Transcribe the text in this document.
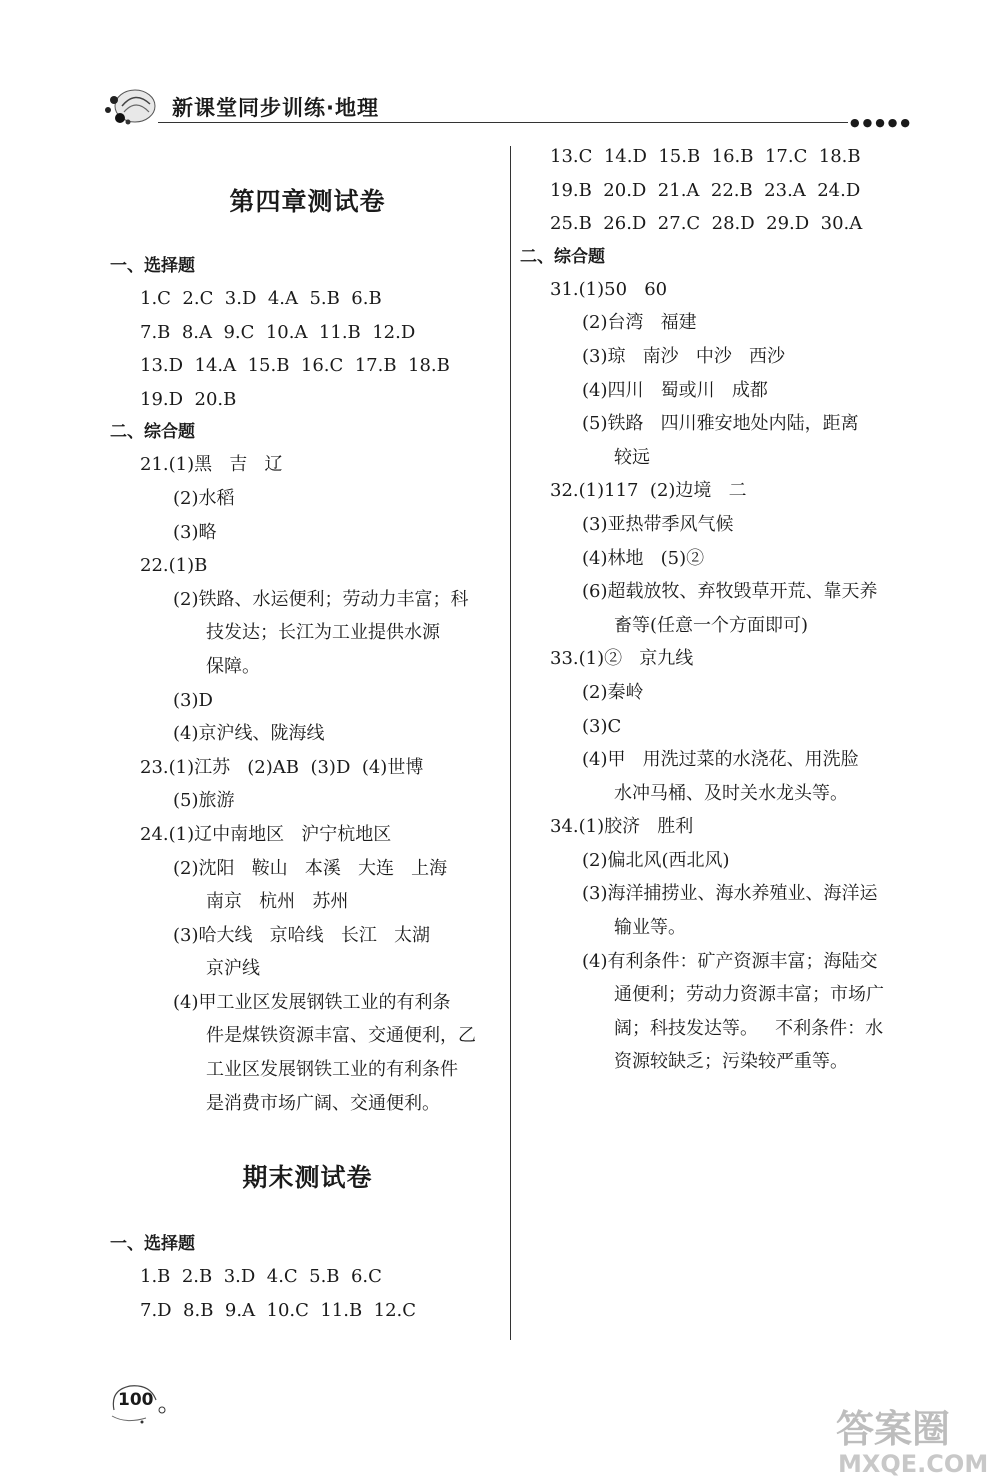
新课堂同步训练·地理
●●●●●
第四章测试卷
一、选择题
1.C  2.C  3.D  4.A  5.B  6.B
7.B  8.A  9.C  10.A  11.B  12.D
13.D  14.A  15.B  16.C  17.B  18.B
19.D  20.B
二、综合题
21.(1)黑   吉   辽
(2)水稻
(3)略
22.(1)B
(2)铁路、水运便利；劳动力丰富；科
技发达；长江为工业提供水源
保障。
(3)D
(4)京沪线、陇海线
23.(1)江苏   (2)AB  (3)D  (4)世博
(5)旅游
24.(1)辽中南地区   沪宁杭地区
(2)沈阳   鞍山   本溪   大连   上海
南京   杭州   苏州
(3)哈大线   京哈线   长江   太湖
京沪线
(4)甲工业区发展钢铁工业的有利条
件是煤铁资源丰富、交通便利，乙
工业区发展钢铁工业的有利条件
是消费市场广阔、交通便利。
期末测试卷
一、选择题
1.B  2.B  3.D  4.C  5.B  6.C
7.D  8.B  9.A  10.C  11.B  12.C
13.C  14.D  15.B  16.B  17.C  18.B
19.B  20.D  21.A  22.B  23.A  24.D
25.B  26.D  27.C  28.D  29.D  30.A
二、综合题
31.(1)50   60
(2)台湾   福建
(3)琼   南沙   中沙   西沙
(4)四川   蜀或川   成都
(5)铁路   四川雅安地处内陆，距离
较远
32.(1)117  (2)边境   二
(3)亚热带季风气候
(4)林地   (5)②
(6)超载放牧、弃牧毁草开荒、靠天养
畜等(任意一个方面即可)
33.(1)②   京九线
(2)秦岭
(3)C
(4)甲   用洗过菜的水浇花、用洗脸
水冲马桶、及时关水龙头等。
34.(1)胶济   胜利
(2)偏北风(西北风)
(3)海洋捕捞业、海水养殖业、海洋运
输业等。
(4)有利条件：矿产资源丰富；海陆交
通便利；劳动力资源丰富；市场广
阔；科技发达等。   不利条件：水
资源较缺乏；污染较严重等。
100
答案圈
MXQE.COM
